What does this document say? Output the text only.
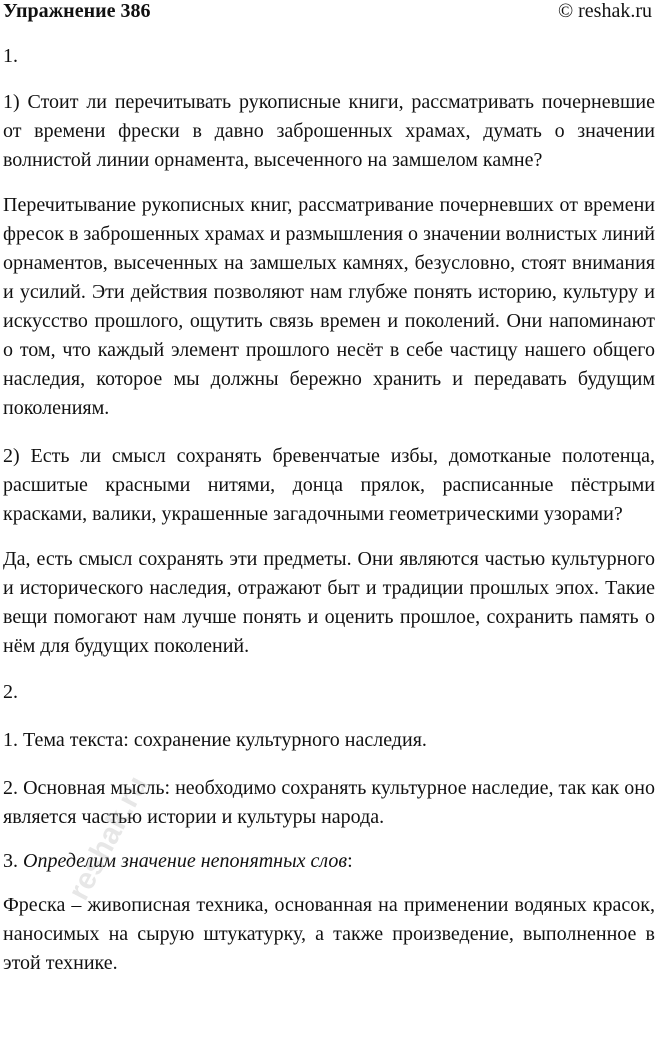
Упражнение 386	© reshak.ru

1.

1) Стоит ли перечитывать рукописные книги, рассматривать почерневшие от времени фрески в давно заброшенных храмах, думать о значении волнистой линии орнамента, высеченного на замшелом камне?

Перечитывание рукописных книг, рассматривание почерневших от времени фресок в заброшенных храмах и размышления о значении волнистых линий орнаментов, высеченных на замшелых камнях, безусловно, стоят внимания и усилий. Эти действия позволяют нам глубже понять историю, культуру и искусство прошлого, ощутить связь времен и поколений. Они напоминают о том, что каждый элемент прошлого несёт в себе частицу нашего общего наследия, которое мы должны бережно хранить и передавать будущим поколениям.

2) Есть ли смысл сохранять бревенчатые избы, домотканые полотенца, расшитые красными нитями, донца прялок, расписанные пёстрыми красками, валики, украшенные загадочными геометрическими узорами?

Да, есть смысл сохранять эти предметы. Они являются частью культурного и исторического наследия, отражают быт и традиции прошлых эпох. Такие вещи помогают нам лучше понять и оценить прошлое, сохранить память о нём для будущих поколений.

2.

1. Тема текста: сохранение культурного наследия.

2. Основная мысль: необходимо сохранять культурное наследие, так как оно является частью истории и культуры народа.

3. Определим значение непонятных слов:

Фреска – живописная техника, основанная на применении водяных красок, наносимых на сырую штукатурку, а также произведение, выполненное в этой технике.

reshak.ru
